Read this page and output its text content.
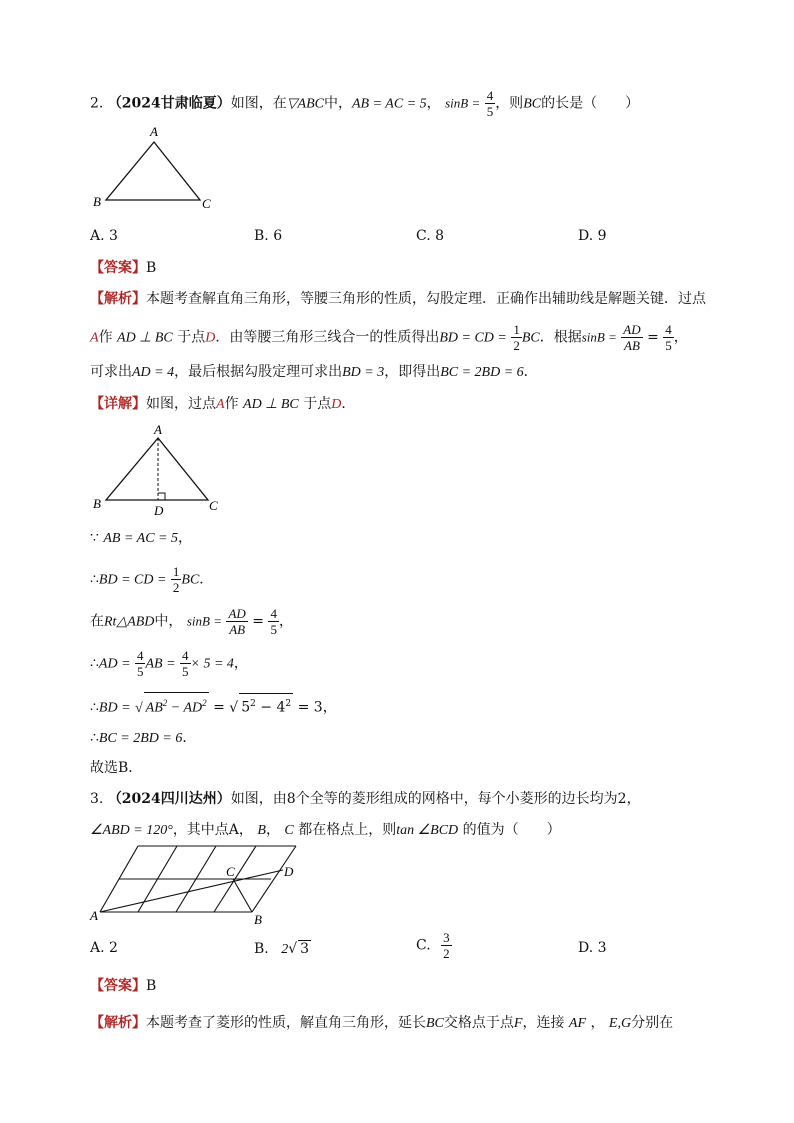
2. （2024甘肃临夏）如图，在▽ABC中，AB = AC = 5， $\sin B = \frac{4}{5}$ ，则BC的长是（　　）
A
B	C
A. 3	B. 6	C. 8	D. 9
【答案】B
【解析】本题考查解直角三角形，等腰三角形的性质，勾股定理．正确作出辅助线是解题关键．过点
A作 AD ⊥ BC 于点D．由等腰三角形三线合一的性质得出BD = CD = $\frac{1}{2}$ BC．根据$\sin B = \frac{AD}{AB} = \frac{4}{5}$ ，
可求出AD = 4，最后根据勾股定理可求出BD = 3，即得出BC = 2BD = 6．
【详解】如图，过点A作 AD ⊥ BC 于点D．
A
B	C
D
∵ AB = AC = 5，
∴BD = CD = $\frac{1}{2}$ BC．
在Rt△ABD中， $\sin B = \frac{AD}{AB} = \frac{4}{5}$ ，
∴AD = $\frac{4}{5}$ AB = $\frac{4}{5} \times 5 = 4$，
∴BD = √ $AB^2 - AD^2$ = √ $5^2 - 4^2 = 3$，
∴BC = 2BD = 6．
故选B．
3. （2024四川达州）如图，由8个全等的菱形组成的网格中，每个小菱形的边长均为2，
∠ABD = 120°，其中点A， B， C 都在格点上，则tan ∠BCD 的值为（　　）
A	B
C	D
A. 2	B. 2√ 3	C. $\frac{3}{2}$	D. 3
【答案】B
【解析】本题考查了菱形的性质，解直角三角形，延长BC交格点于点F，连接 AF ， E,G分别在
